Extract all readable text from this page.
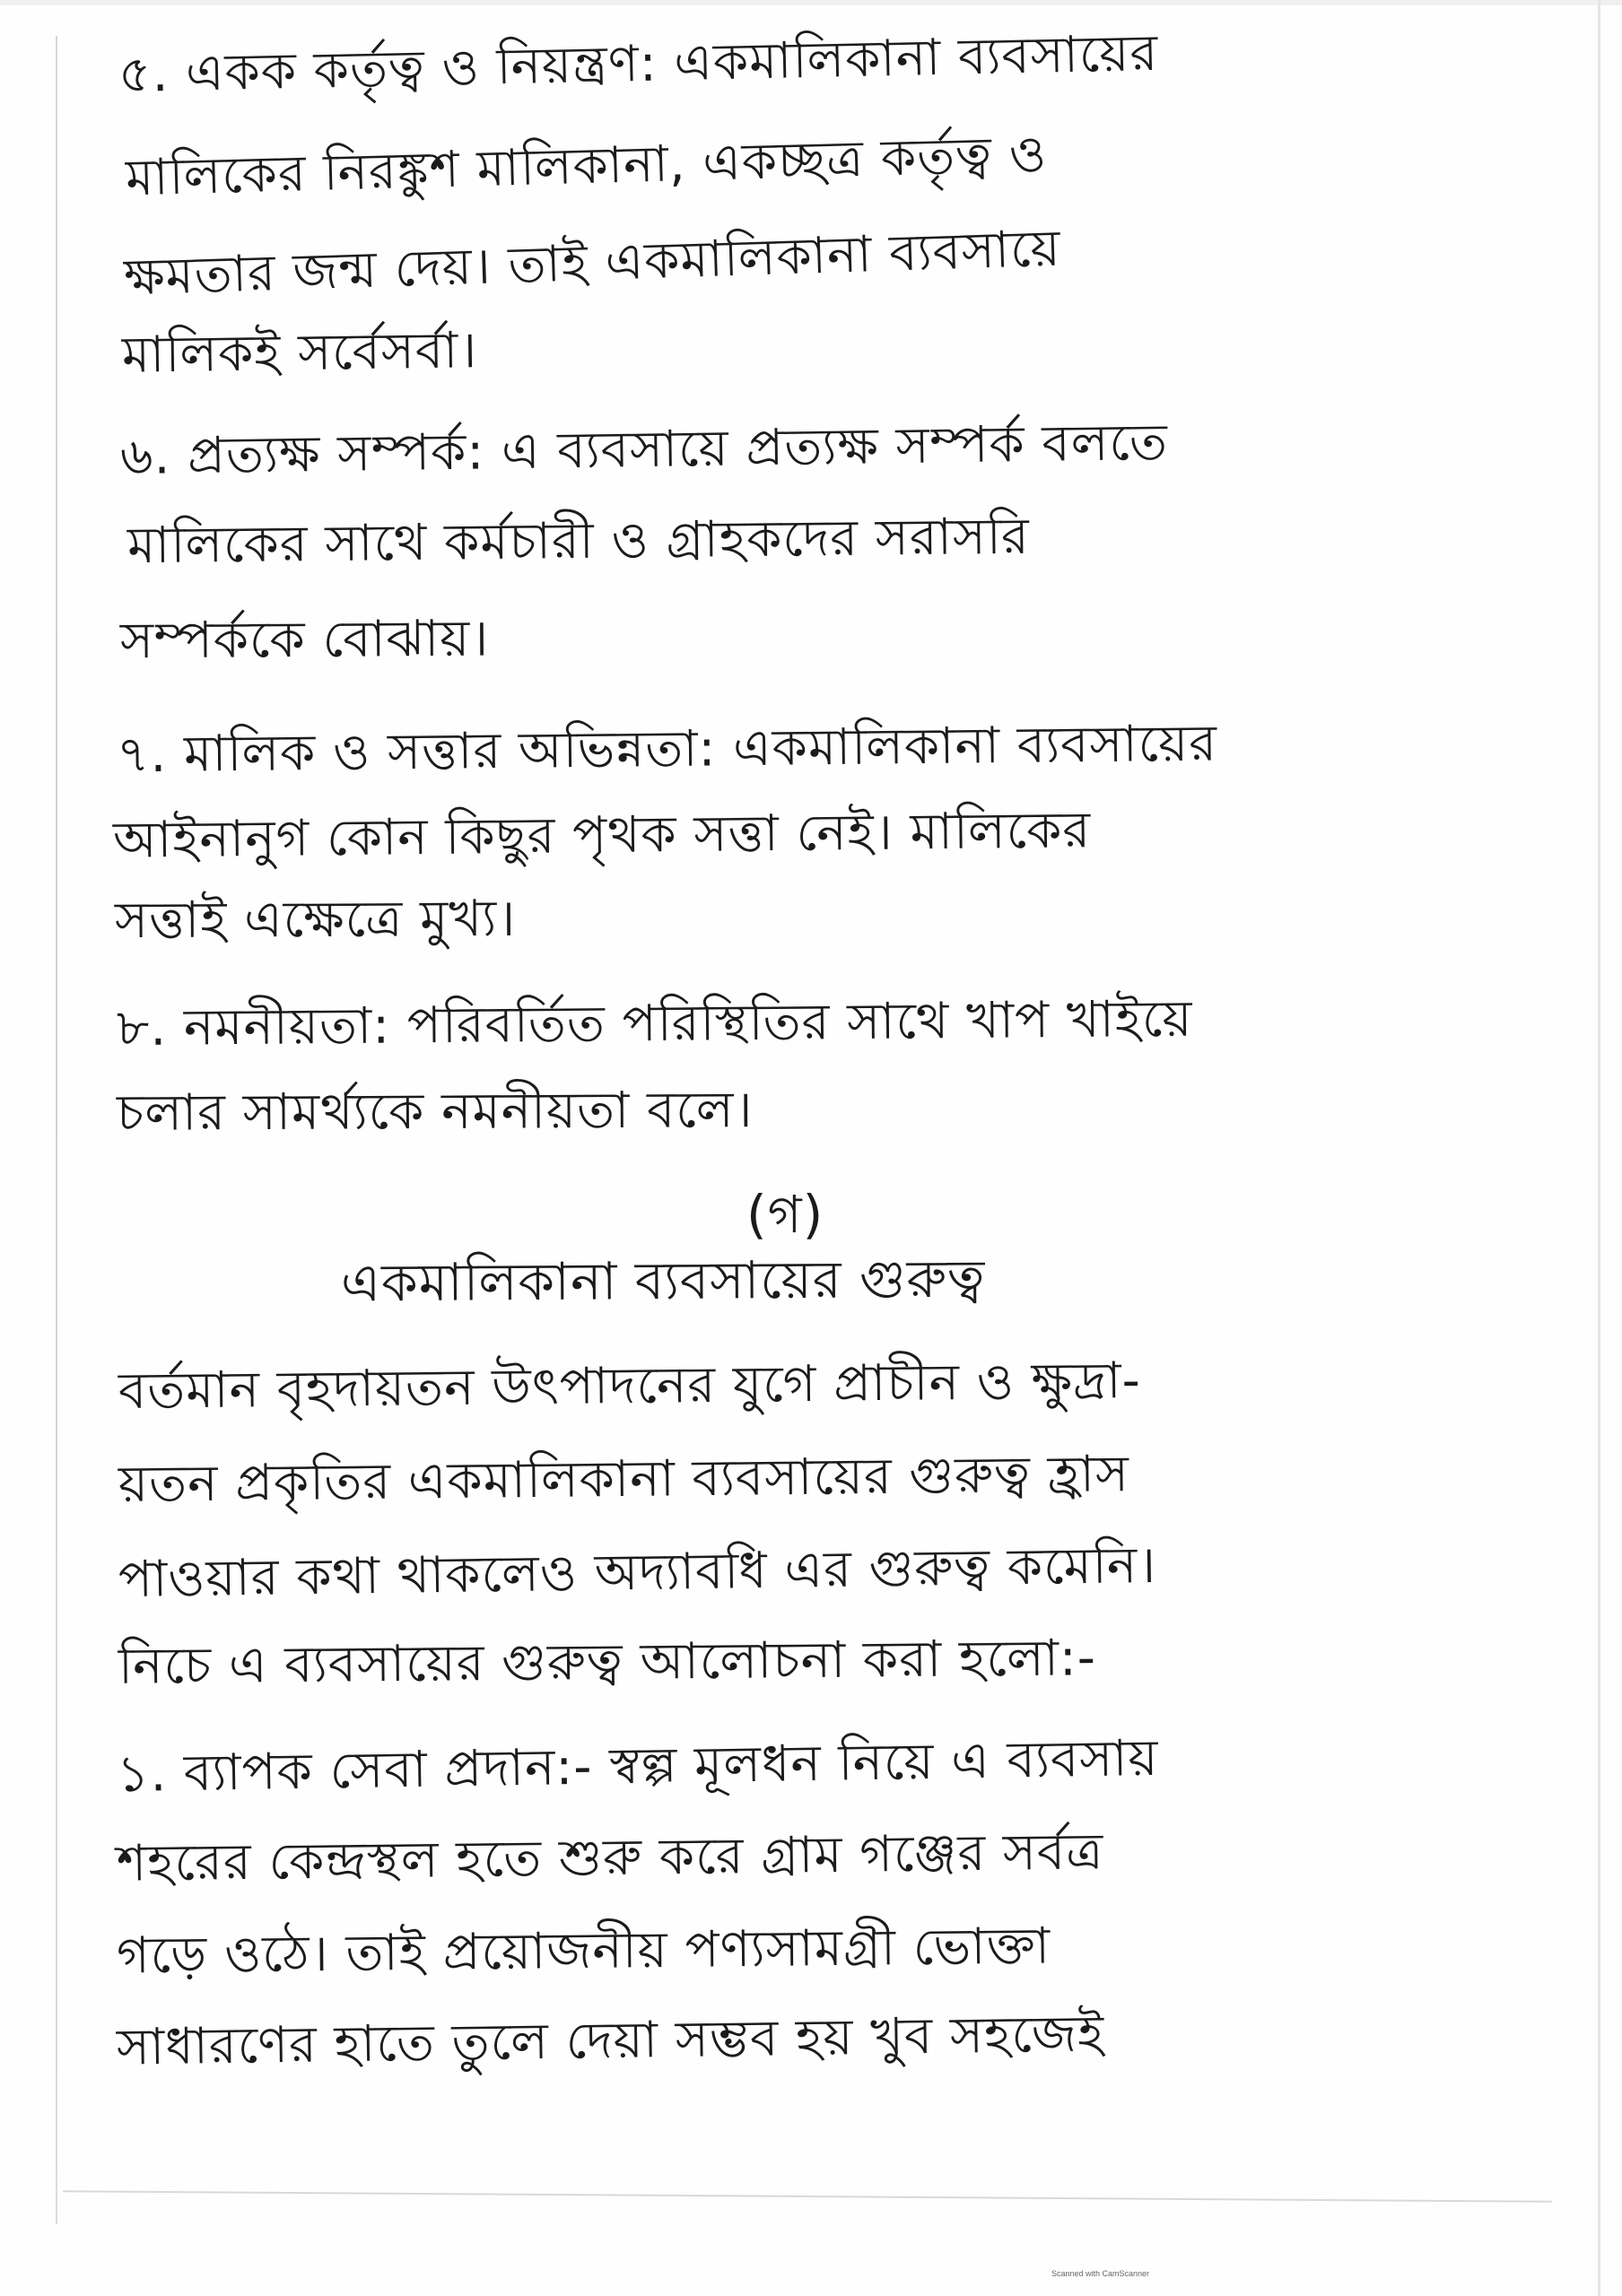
৫. একক কর্তৃত্ব ও নিয়ন্ত্রণ: একমালিকানা ব্যবসায়ের
মালিকের নিরঙ্কুশ মালিকানা, একচ্ছত্র কর্তৃত্ব ও
ক্ষমতার জন্ম দেয়। তাই একমালিকানা ব্যবসায়ে
মালিকই সর্বেসর্বা।
৬. প্রত্যক্ষ সম্পর্ক: এ ব্যবসায়ে প্রত্যক্ষ সম্পর্ক বলতে
মালিকের সাথে কর্মচারী ও গ্রাহকদের সরাসরি
সম্পর্ককে বোঝায়।
৭. মালিক ও সত্তার অভিন্নতা: একমালিকানা ব্যবসায়ের
আইনানুগ কোন কিছুর পৃথক সত্তা নেই। মালিকের
সত্তাই এক্ষেত্রে মুখ্য।
৮. নমনীয়তা: পরিবর্তিত পরিস্থিতির সাথে খাপ খাইয়ে
চলার সামর্থ্যকে নমনীয়তা বলে।
(গ)
একমালিকানা ব্যবসায়ের গুরুত্ব
বর্তমান বৃহদায়তন উৎপাদনের যুগে প্রাচীন ও ক্ষুদ্রা-
য়তন প্রকৃতির একমালিকানা ব্যবসায়ের গুরুত্ব হ্রাস
পাওয়ার কথা থাকলেও অদ্যাবধি এর গুরুত্ব কমেনি।
নিচে এ ব্যবসায়ের গুরুত্ব আলোচনা করা হলো:-
১. ব্যাপক সেবা প্রদান:- স্বল্প মূলধন নিয়ে এ ব্যবসায়
শহরের কেন্দ্রস্থল হতে শুরু করে গ্রাম গঞ্জের সর্বত্র
গড়ে ওঠে। তাই প্রয়োজনীয় পণ্যসামগ্রী ভোক্তা
সাধারণের হাতে তুলে দেয়া সম্ভব হয় খুব সহজেই
Scanned with CamScanner
